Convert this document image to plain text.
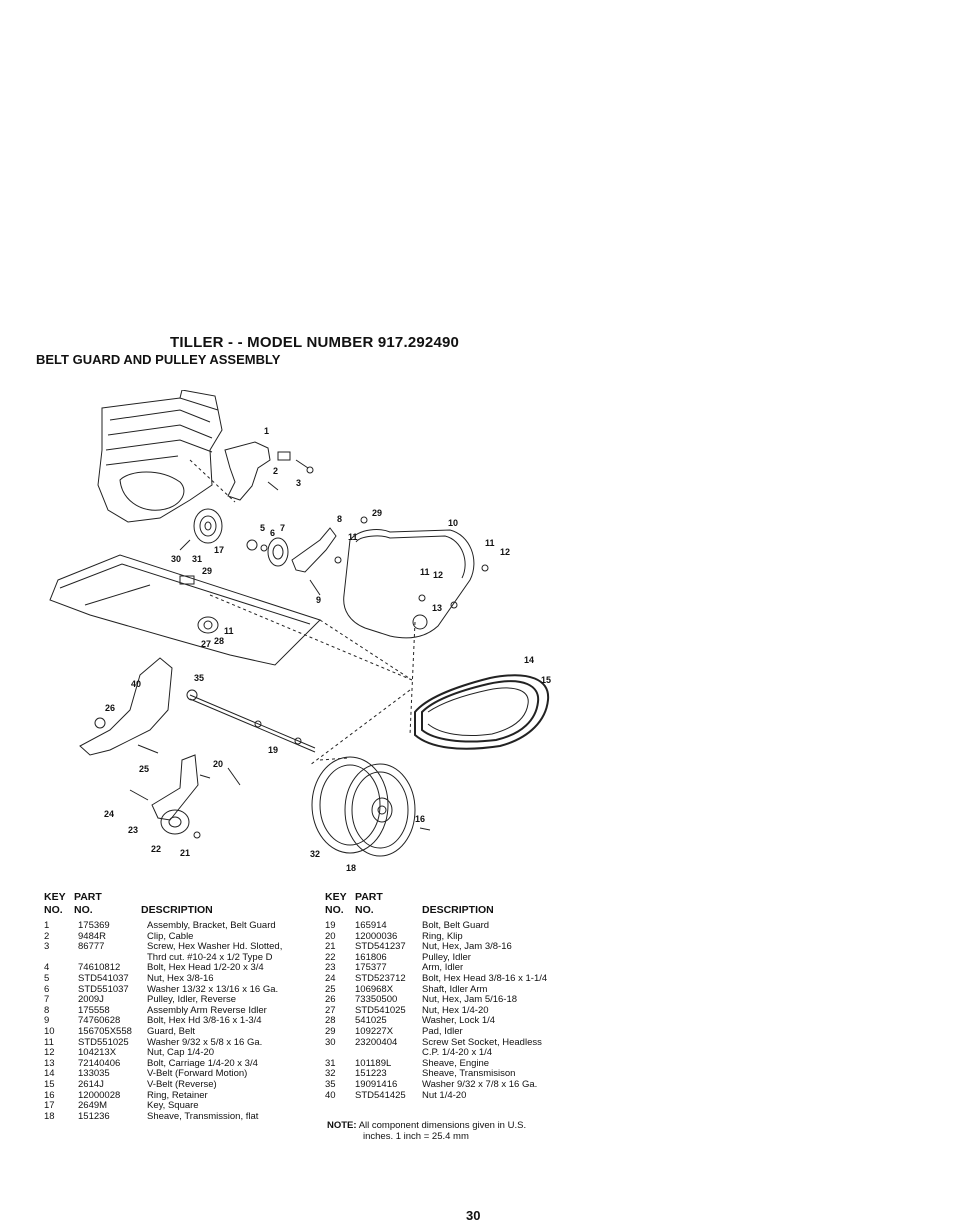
TILLER - - MODEL NUMBER 917.292490
BELT GUARD AND PULLEY ASSEMBLY
1
2
3
5 6 7
8
29
10
11
11
12
11 12
13
30 31
17
29
9
11
27 28
14
15
40
35
26
19
25	20
24
23
22 21
16
32
18
KEY
NO.
PART
NO.	DESCRIPTION
1	175369	Assembly, Bracket, Belt Guard
2	9484R	Clip, Cable
3	86777	Screw, Hex Washer Hd. Slotted,
Thrd cut. #10-24 x 1/2 Type D
4	74610812	Bolt, Hex Head 1/2-20 x 3/4
5	STD541037 Nut, Hex 3/8-16
6	STD551037 Washer 13/32 x 13/16 x 16 Ga.
7	2009J	Pulley, Idler, Reverse
8	175558	Assembly Arm Reverse Idler
9	74760628	Bolt, Hex Hd 3/8-16 x 1-3/4
10 156705X558 Guard, Belt
11	STD551025 Washer 9/32 x 5/8 x 16 Ga.
12 104213X	Nut, Cap 1/4-20
13 72140406	Bolt, Carriage 1/4-20 x 3/4
14 133035	V-Belt (Forward Motion)
15 2614J	V-Belt (Reverse)
16 12000028	Ring, Retainer
17 2649M	Key, Square
18 151236	Sheave, Transmission, flat
KEY
NO.
PART
NO.	DESCRIPTION
19 165914	Bolt, Belt Guard
20 12000036	Ring, Klip
21 STD541237 Nut, Hex, Jam 3/8-16
22 161806	Pulley, Idler
23 175377	Arm, Idler
24 STD523712 Bolt, Hex Head 3/8-16 x 1-1/4
25 106968X	Shaft, Idler Arm
26 73350500	Nut, Hex, Jam 5/16-18
27 STD541025 Nut, Hex 1/4-20
28 541025	Washer, Lock 1/4
29 109227X	Pad, Idler
30 23200404	Screw Set Socket, Headless
C.P. 1/4-20 x 1/4
31 101189L	Sheave, Engine
32 151223	Sheave, Transmisison
35 19091416	Washer 9/32 x 7/8 x 16 Ga.
40 STD541425 Nut 1/4-20
NOTE: All component dimensions given in U.S.
inches. 1 inch = 25.4 mm
30
